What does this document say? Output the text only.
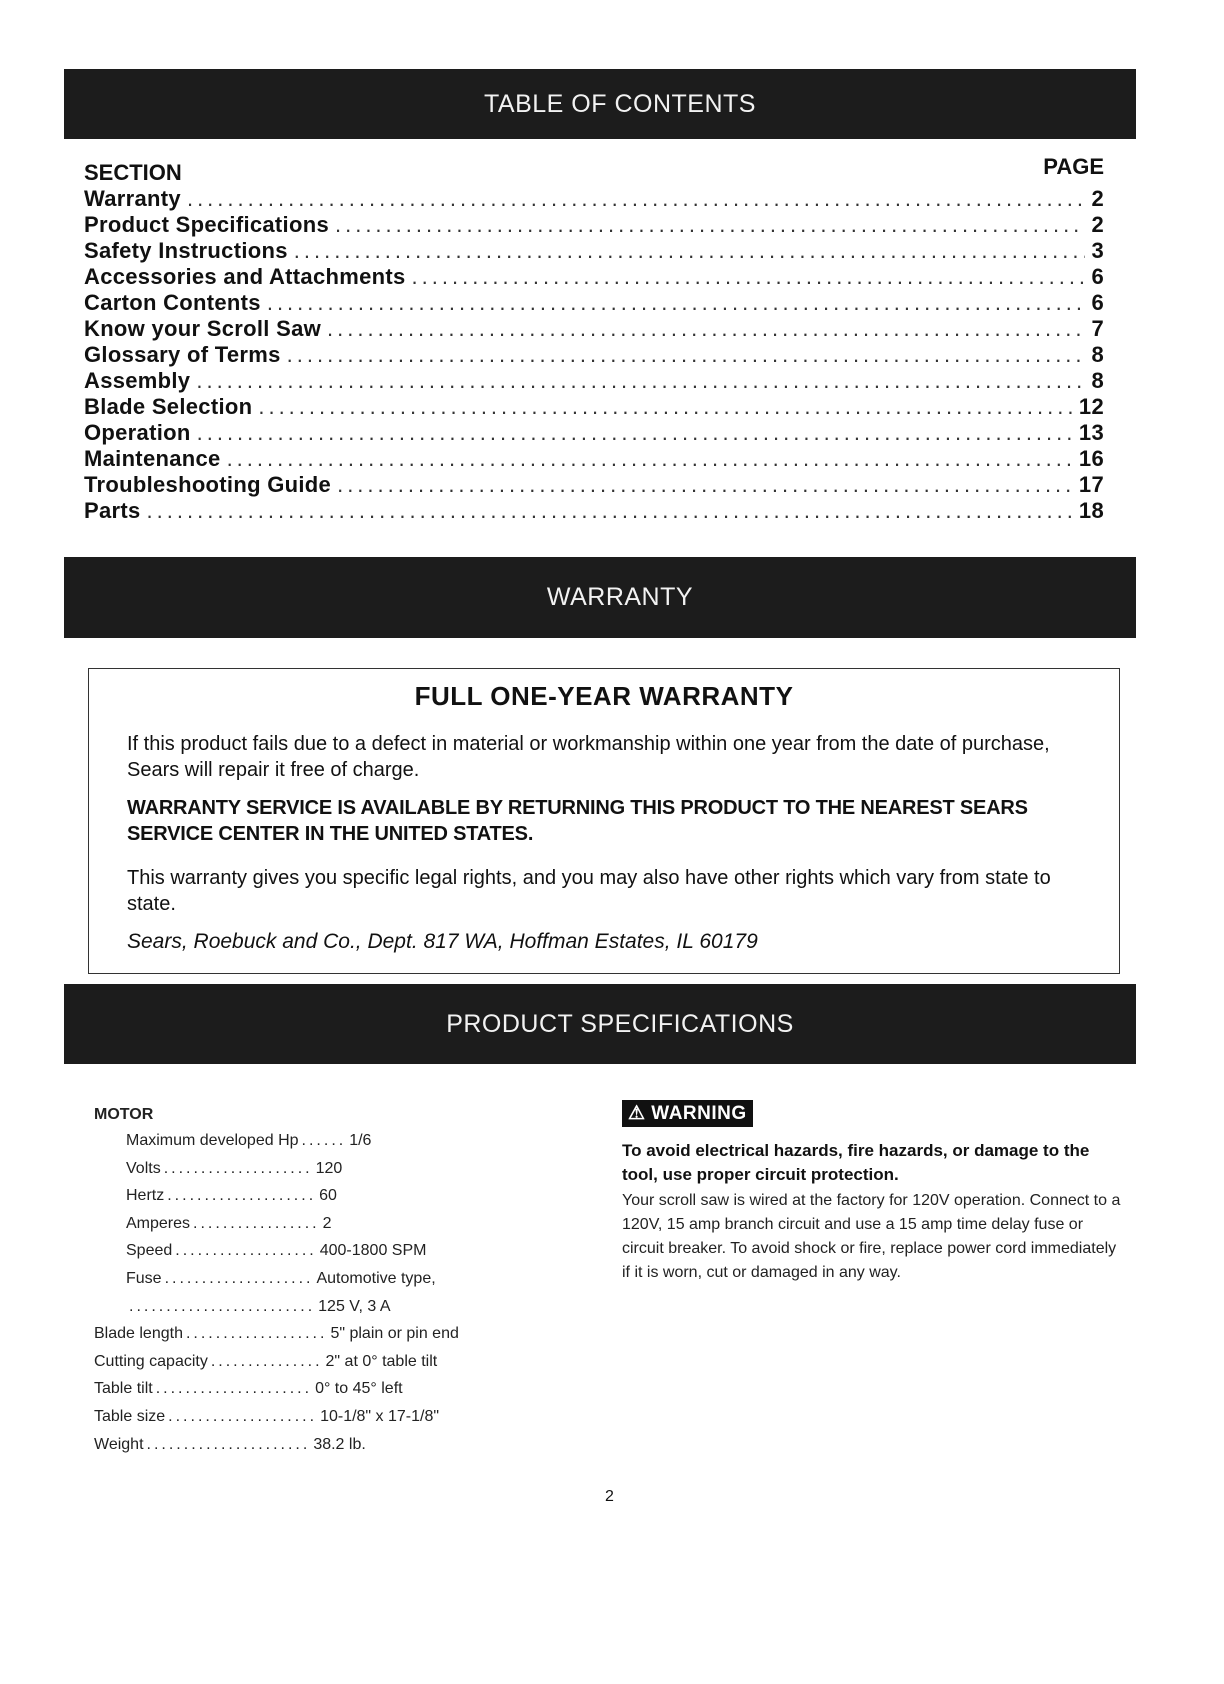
TABLE OF CONTENTS
SECTION	PAGE
Warranty .....	2
Product Specifications .....	2
Safety Instructions .....	3
Accessories and Attachments .....	6
Carton Contents .....	6
Know your Scroll Saw .....	7
Glossary of Terms .....	8
Assembly .....	8
Blade Selection .....	12
Operation .....	13
Maintenance .....	16
Troubleshooting Guide .....	17
Parts .....	18
WARRANTY
FULL ONE-YEAR WARRANTY
If this product fails due to a defect in material or workmanship within one year from the date of purchase, Sears will repair it free of charge.
WARRANTY SERVICE IS AVAILABLE BY RETURNING THIS PRODUCT TO THE NEAREST SEARS SERVICE CENTER IN THE UNITED STATES.
This warranty gives you specific legal rights, and you may also have other rights which vary from state to state.
Sears, Roebuck and Co., Dept. 817 WA, Hoffman Estates, IL 60179
PRODUCT SPECIFICATIONS
MOTOR
Maximum developed Hp ...... 1/6
Volts .................... 120
Hertz .................... 60
Amperes ................. 2
Speed ................... 400-1800 SPM
Fuse .................... Automotive type,
......................... 125 V, 3 A
Blade length ................... 5" plain or pin end
Cutting capacity ............... 2" at 0° table tilt
Table tilt ..................... 0° to 45° left
Table size .................... 10-1/8" x 17-1/8"
Weight ...................... 38.2 lb.
⚠ WARNING
To avoid electrical hazards, fire hazards, or damage to the tool, use proper circuit protection.
Your scroll saw is wired at the factory for 120V operation. Connect to a 120V, 15 amp branch circuit and use a 15 amp time delay fuse or circuit breaker. To avoid shock or fire, replace power cord immediately if it is worn, cut or damaged in any way.
2
